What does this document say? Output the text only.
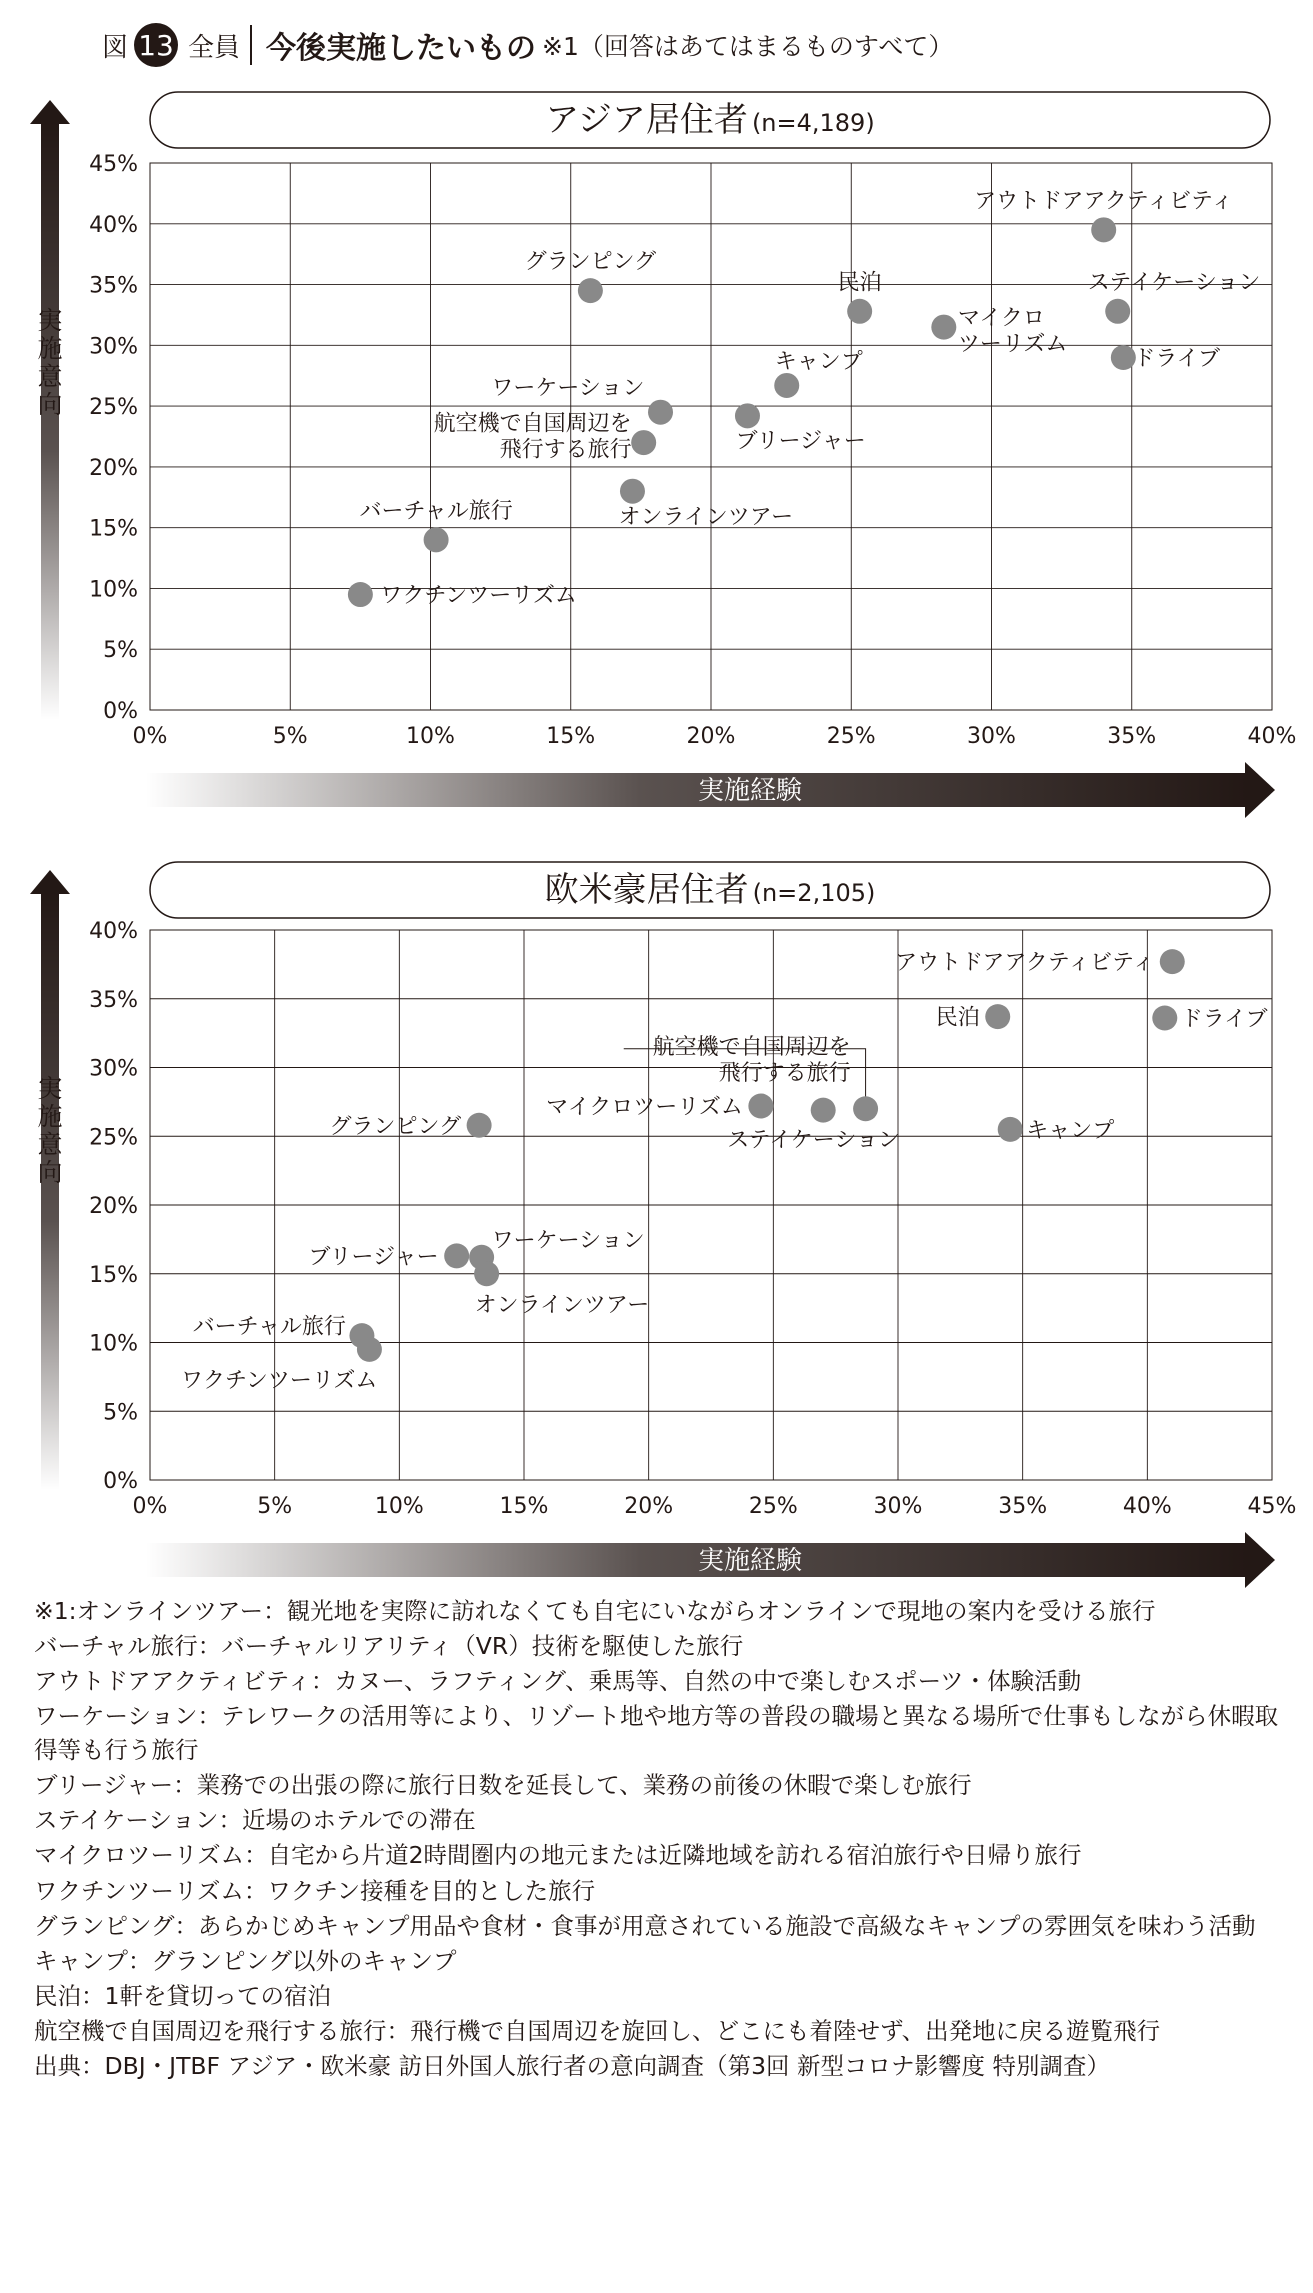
図 13 全員 今後実施したいもの ※1（回答はあてはまるものすべて）
アジア居住者 (n=4,189)
0%	5%	10%	15%	20%	25%	30%	35%	40%
0%
5%
10%
15%
20%
25%
30%
35%
40%
45%
実施意向
実施経験
アウトドアアクティビティ
グランピング
民泊	ステイケーション
マイクロツーリズム
ドライブ
キャンプ
ワーケーション
ブリージャー
航空機で自国周辺を飛行する旅行
オンラインツアー
バーチャル旅行
ワクチンツーリズム
欧米豪居住者 (n=2,105)
0%	5%	10%	15%	20%	25%	30%	35%	40%	45%
0%
5%
10%
15%
20%
25%
30%
35%
40%
実施意向
実施経験
アウトドアアクティビティ
民泊	ドライブ
航空機で自国周辺を飛行する旅行
マイクロツーリズム
ステイケーション
グランピング	キャンプ
ブリージャー
ワーケーション
オンラインツアー
バーチャル旅行
ワクチンツーリズム

※1:オンラインツアー：観光地を実際に訪れなくても自宅にいながらオンラインで現地の案内を受ける旅行

バーチャル旅行：バーチャルリアリティ（VR）技術を駆使した旅行

アウトドアアクティビティ：カヌー、ラフティング、乗馬等、自然の中で楽しむスポーツ・体験活動

ワーケーション：テレワークの活用等により、リゾート地や地方等の普段の職場と異なる場所で仕事もしながら休暇取得等も行う旅行

ブリージャー：業務での出張の際に旅行日数を延長して、業務の前後の休暇で楽しむ旅行

ステイケーション：近場のホテルでの滞在

マイクロツーリズム：自宅から片道2時間圏内の地元または近隣地域を訪れる宿泊旅行や日帰り旅行

ワクチンツーリズム：ワクチン接種を目的とした旅行

グランピング：あらかじめキャンプ用品や食材・食事が用意されている施設で高級なキャンプの雰囲気を味わう活動

キャンプ：グランピング以外のキャンプ

民泊：1軒を貸切っての宿泊

航空機で自国周辺を飛行する旅行：飛行機で自国周辺を旋回し、どこにも着陸せず、出発地に戻る遊覧飛行

出典：DBJ・JTBF アジア・欧米豪 訪日外国人旅行者の意向調査（第3回 新型コロナ影響度 特別調査）
